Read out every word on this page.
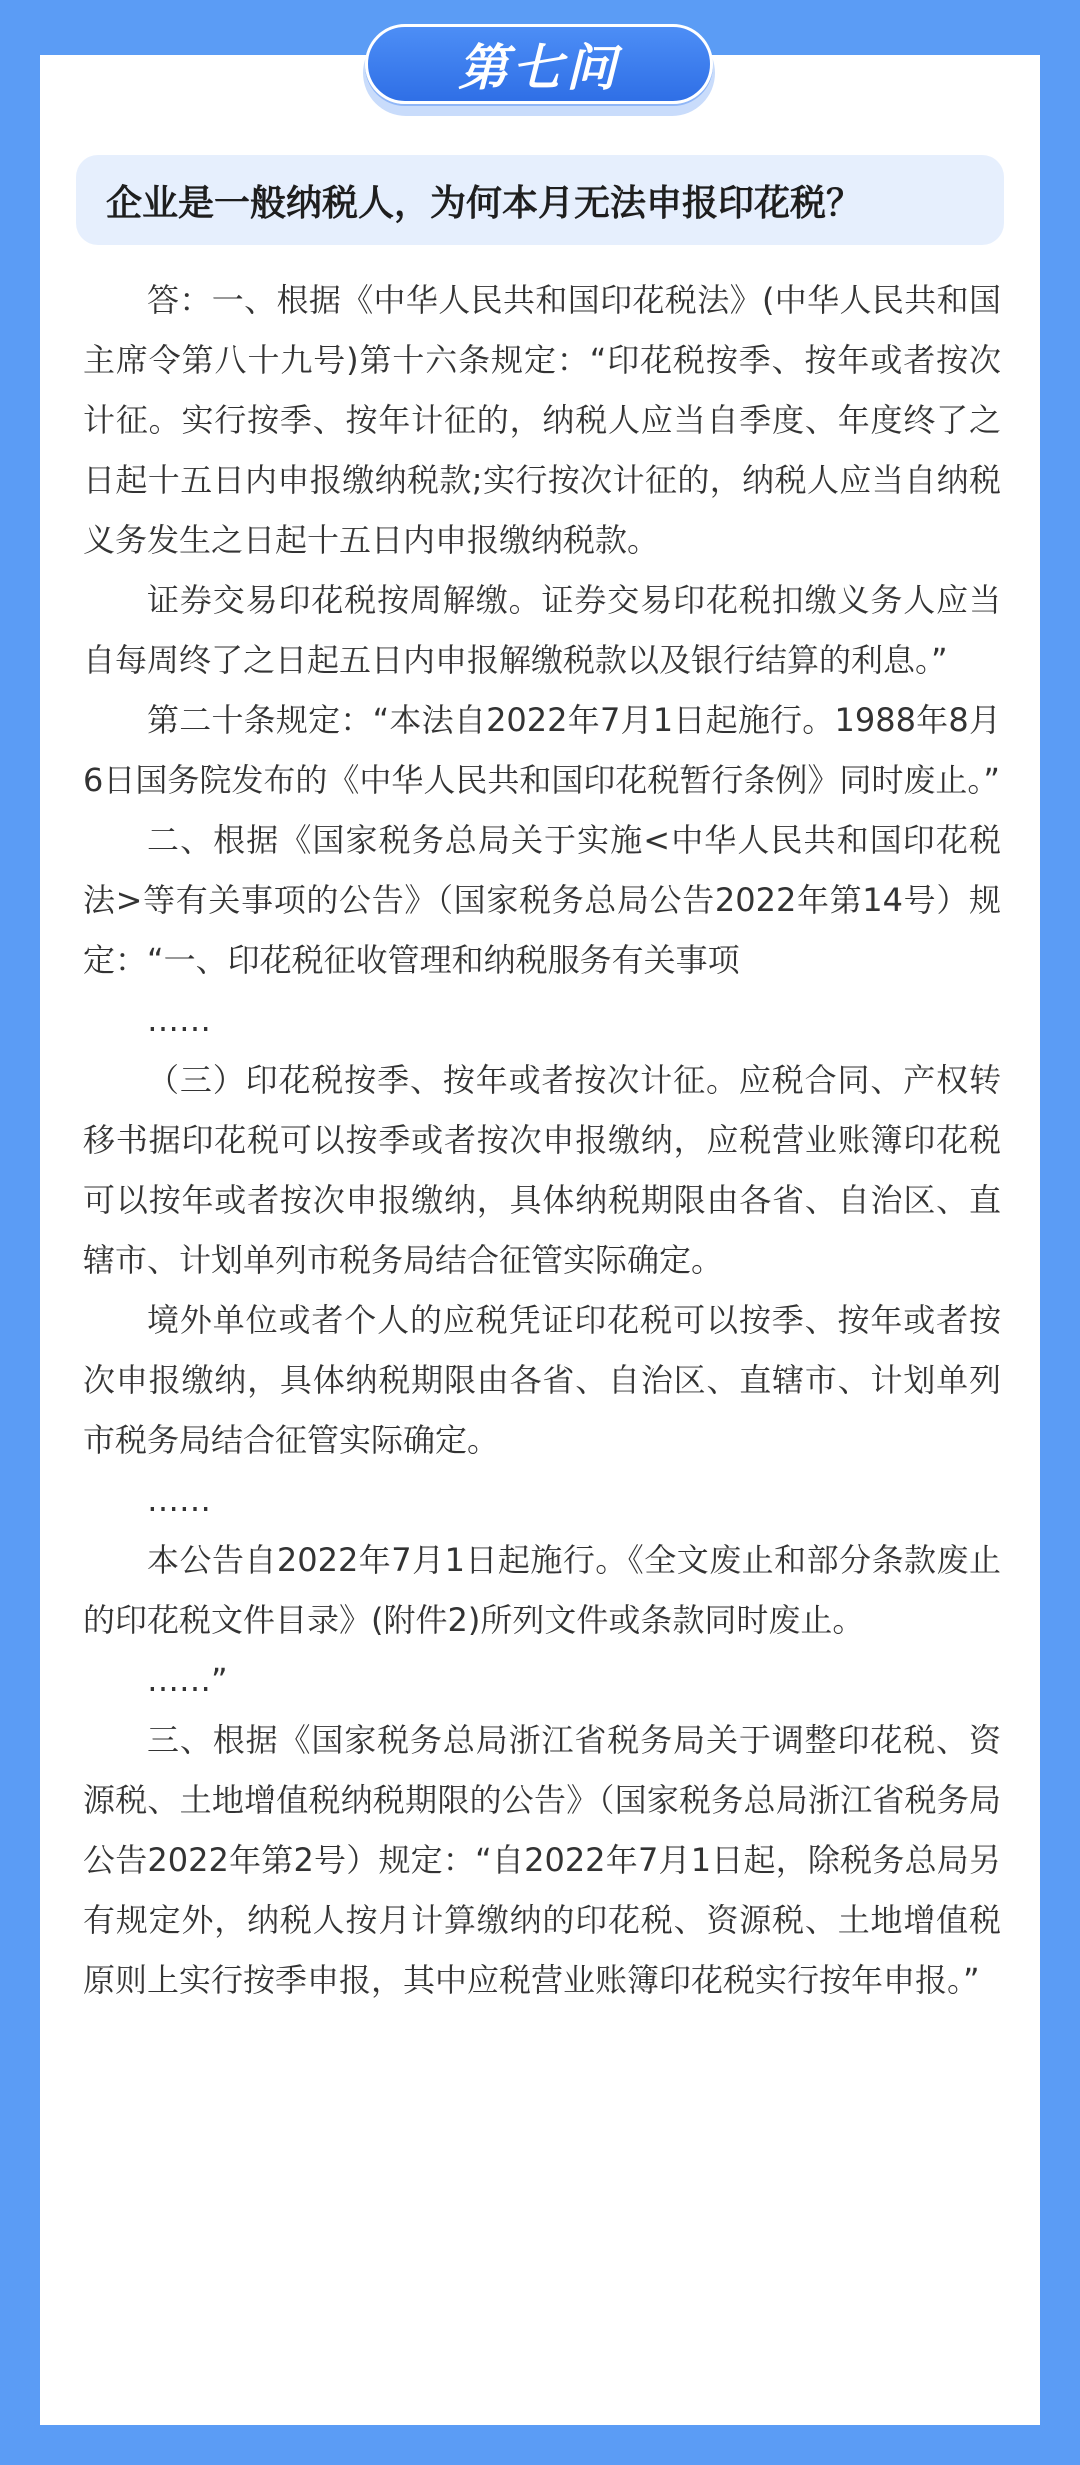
第七问
企业是一般纳税人，为何本月无法申报印花税？

答：一、根据《中华人民共和国印花税法》(中华人民共和国主席令第八十九号)第十六条规定：“印花税按季、按年或者按次计征。实行按季、按年计征的，纳税人应当自季度、年度终了之日起十五日内申报缴纳税款;实行按次计征的，纳税人应当自纳税义务发生之日起十五日内申报缴纳税款。

证券交易印花税按周解缴。证券交易印花税扣缴义务人应当自每周终了之日起五日内申报解缴税款以及银行结算的利息。”

第二十条规定：“本法自2022年7月1日起施行。1988年8月6日国务院发布的《中华人民共和国印花税暂行条例》同时废止。”

二、根据《国家税务总局关于实施<中华人民共和国印花税法>等有关事项的公告》（国家税务总局公告2022年第14号）规定：“一、印花税征收管理和纳税服务有关事项

……

（三）印花税按季、按年或者按次计征。应税合同、产权转移书据印花税可以按季或者按次申报缴纳，应税营业账簿印花税可以按年或者按次申报缴纳，具体纳税期限由各省、自治区、直辖市、计划单列市税务局结合征管实际确定。

境外单位或者个人的应税凭证印花税可以按季、按年或者按次申报缴纳，具体纳税期限由各省、自治区、直辖市、计划单列市税务局结合征管实际确定。

……

本公告自2022年7月1日起施行。《全文废止和部分条款废止的印花税文件目录》(附件2)所列文件或条款同时废止。

……”

三、根据《国家税务总局浙江省税务局关于调整印花税、资源税、土地增值税纳税期限的公告》（国家税务总局浙江省税务局公告2022年第2号）规定：“自2022年7月1日起，除税务总局另有规定外，纳税人按月计算缴纳的印花税、资源税、土地增值税原则上实行按季申报，其中应税营业账簿印花税实行按年申报。”
